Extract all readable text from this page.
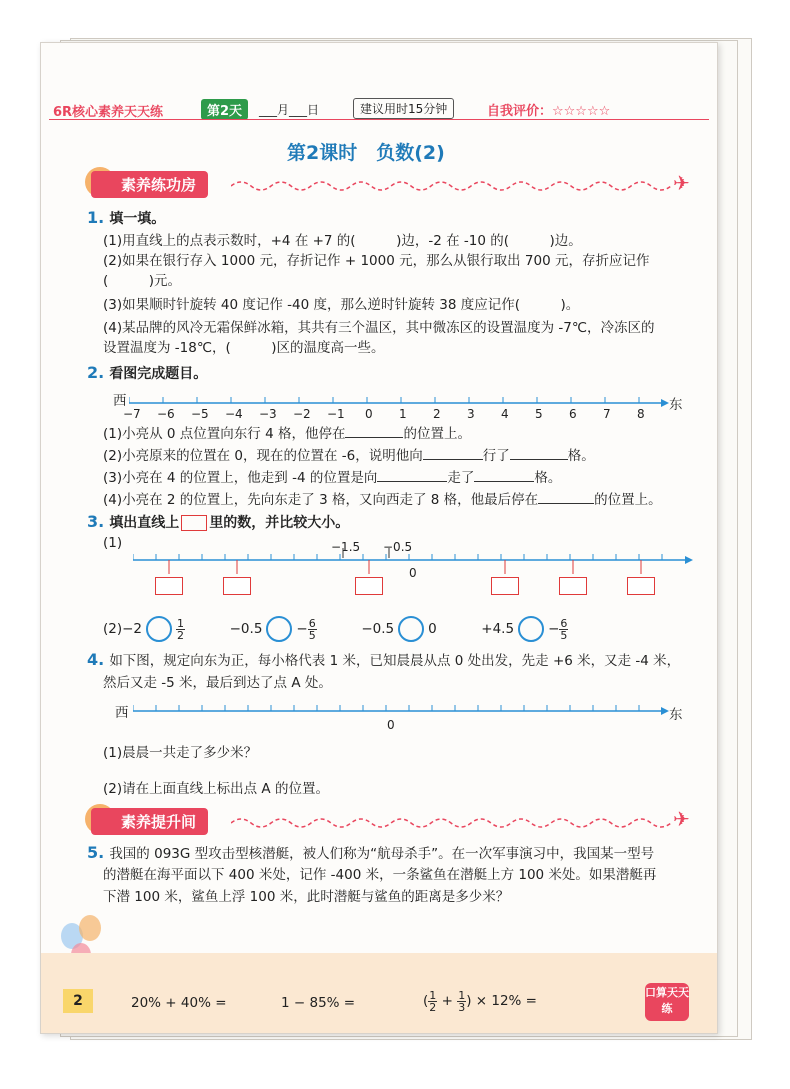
6R核心素养天天练	第2天	___月___日	建议用时15分钟	自我评价：☆☆☆☆☆
第2课时　负数(2)
素养练功房	✈
1. 填一填。
(1)用直线上的点表示数时，+4 在 +7 的(　　　)边，-2 在 -10 的(　　　)边。
(2)如果在银行存入 1000 元，存折记作 + 1000 元，那么从银行取出 700 元，存折应记作
(　　　)元。
(3)如果顺时针旋转 40 度记作 -40 度，那么逆时针旋转 38 度应记作(　　　)。
(4)某品牌的风冷无霜保鲜冰箱，其共有三个温区，其中微冻区的设置温度为 -7℃，冷冻区的
设置温度为 -18℃，(　　　)区的温度高一些。
2. 看图完成题目。
西	东
−7 −6 −5 −4 −3 −2 −1 0 1 2 3 4 5 6 7 8
(1)小亮从 0 点位置向东行 4 格，他停在	的位置上。
(2)小亮原来的位置在 0，现在的位置在 -6，说明他向	行了	格。
(3)小亮在 4 的位置上，他走到 -4 的位置是向	走了	格。
(4)小亮在 2 的位置上，先向东走了 3 格，又向西走了 8 格，他最后停在	的位置上。
3. 填出直线上 里的数，并比较大小。
(1)	−1.5 −0.5
0
(2)−2	$\frac{1}{2}$	−0.5	− $\frac{6}{5}$	−0.5	0	+4.5	− $\frac{6}{5}$
4. 如下图，规定向东为正，每小格代表 1 米，已知晨晨从点 0 处出发，先走 +6 米，又走 -4 米，
然后又走 -5 米，最后到达了点 A 处。
西	东
0
(1)晨晨一共走了多少米？
(2)请在上面直线上标出点 A 的位置。
素养提升间	✈
5. 我国的 093G 型攻击型核潜艇，被人们称为“航母杀手”。在一次军事演习中，我国某一型号
的潜艇在海平面以下 400 米处，记作 -400 米，一条鲨鱼在潜艇上方 100 米处。如果潜艇再
下潜 100 米，鲨鱼上浮 100 米，此时潜艇与鲨鱼的距离是多少米？
2	20% + 40% =	1 − 85% =	( $\frac{1}{2} + \frac{1}{3}$ ) × 12% =
口算天天练
